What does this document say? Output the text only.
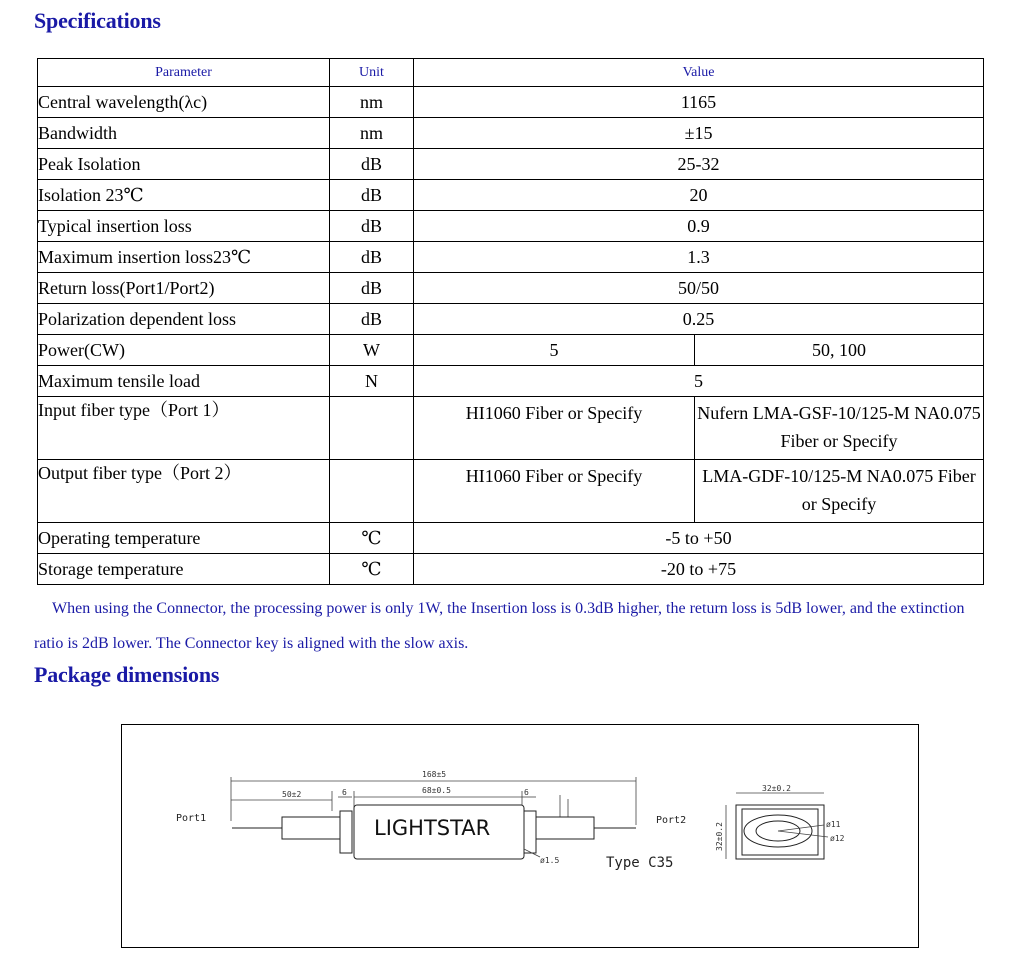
Specifications
Parameter	Unit	Value	
Central wavelength(λc)	nm	1165	
Bandwidth	nm	±15	
Peak Isolation	dB	25-32	
Isolation 23℃	dB	20	
Typical insertion loss	dB	0.9	
Maximum insertion loss23℃	dB	1.3	
Return loss(Port1/Port2)	dB	50/50	
Polarization dependent loss	dB	0.25	
Power(CW)	W	5	50, 100
Maximum tensile load	N	5	
Input fiber type（Port 1）		HI1060 Fiber or Specify	Nufern LMA-GSF-10/125-M NA0.075 Fiber or Specify
Output fiber type（Port 2）		HI1060 Fiber or Specify	LMA-GDF-10/125-M NA0.075 Fiber or Specify
Operating temperature	℃	-5 to +50	
Storage temperature	℃	-20 to +75	

When using the Connector, the processing power is only 1W, the Insertion loss is 0.3dB higher, the return loss is 5dB lower, and the extinction ratio is 2dB lower. The Connector key is aligned with the slow axis.

Package dimensions
168±5
50±2	68±0.5
6	6
Port1	Port2
LIGHTSTAR
Type C35
ø1.5
32±0.2
32±0.2	ø11
ø12
